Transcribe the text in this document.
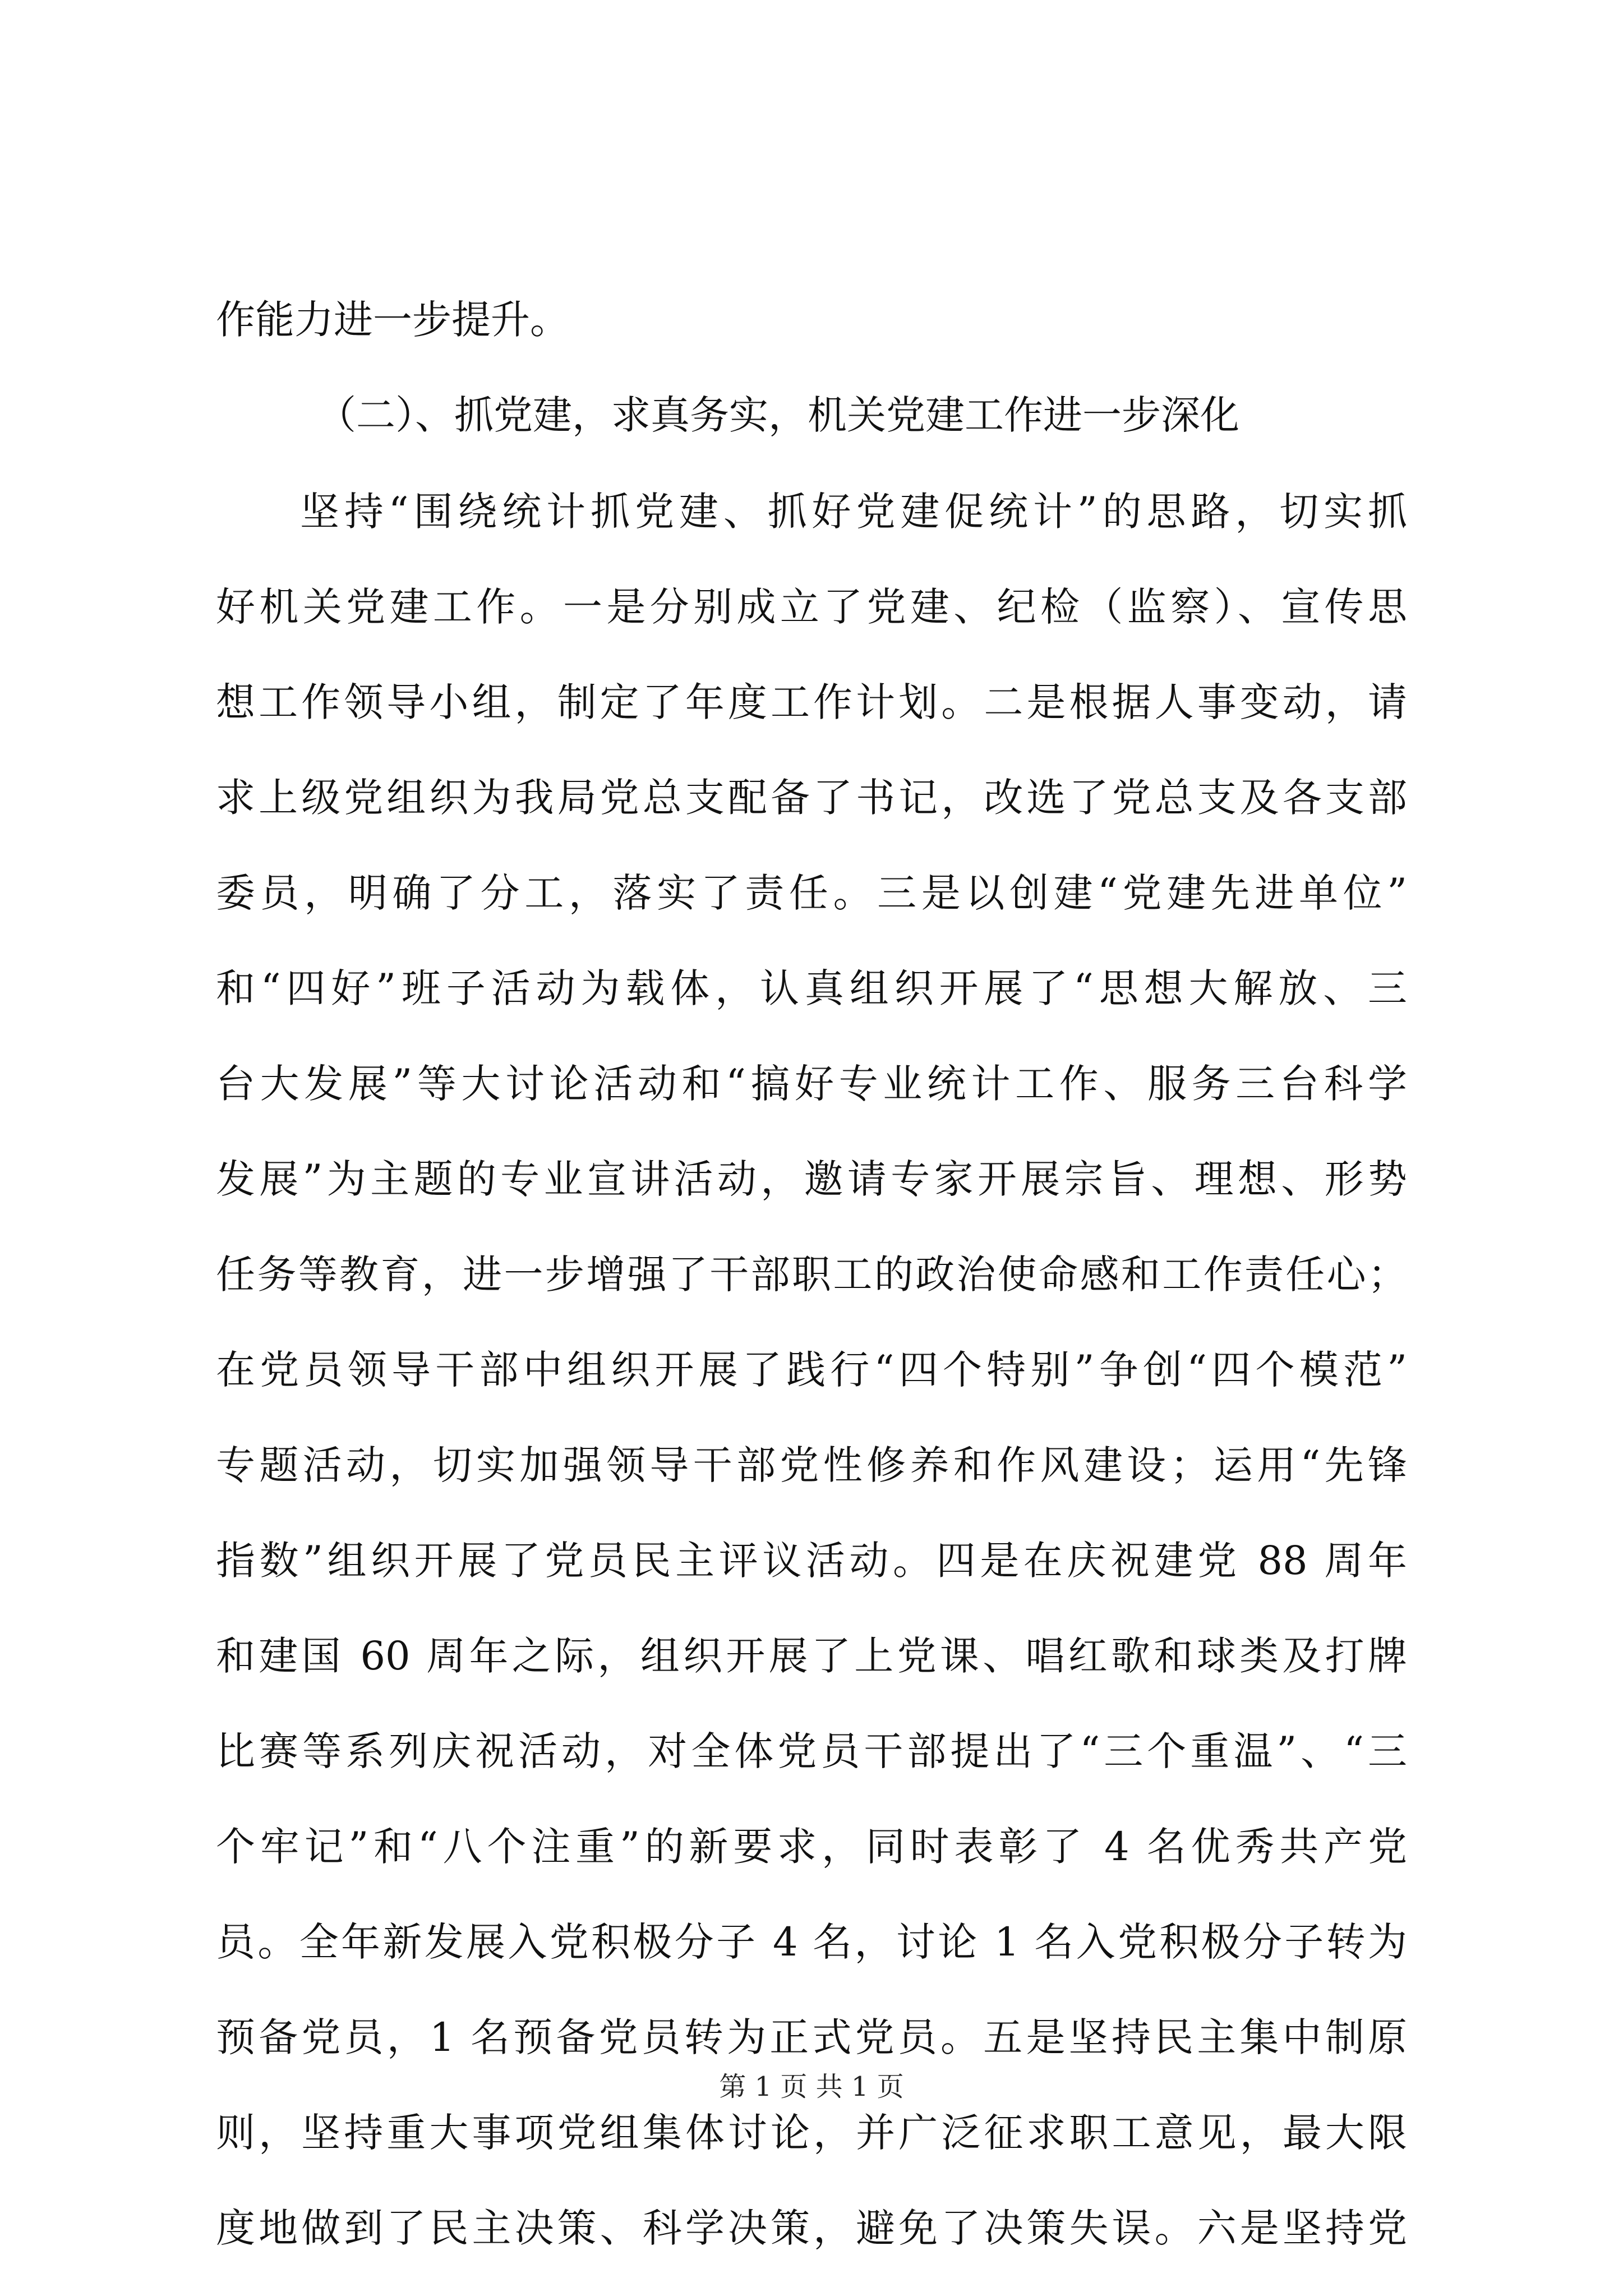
作能力进一步提升。
（二）、抓党建，求真务实，机关党建工作进一步深化
坚持“围绕统计抓党建、抓好党建促统计”的思路，切实抓
好机关党建工作。一是分别成立了党建、纪检（监察）、宣传思
想工作领导小组，制定了年度工作计划。二是根据人事变动，请
求上级党组织为我局党总支配备了书记，改选了党总支及各支部
委员，明确了分工，落实了责任。三是以创建“党建先进单位”
和“四好”班子活动为载体，认真组织开展了“思想大解放、三
台大发展”等大讨论活动和“搞好专业统计工作、服务三台科学
发展”为主题的专业宣讲活动，邀请专家开展宗旨、理想、形势
任务等教育，进一步增强了干部职工的政治使命感和工作责任心；
在党员领导干部中组织开展了践行“四个特别”争创“四个模范”
专题活动，切实加强领导干部党性修养和作风建设；运用“先锋
指数”组织开展了党员民主评议活动。四是在庆祝建党 88 周年
和建国 60 周年之际，组织开展了上党课、唱红歌和球类及打牌
比赛等系列庆祝活动，对全体党员干部提出了“三个重温”、“三
个牢记”和“八个注重”的新要求，同时表彰了 4 名优秀共产党
员。全年新发展入党积极分子 4 名，讨论 1 名入党积极分子转为
预备党员，1 名预备党员转为正式党员。五是坚持民主集中制原
则，坚持重大事项党组集体讨论，并广泛征求职工意见，最大限
度地做到了民主决策、科学决策，避免了决策失误。六是坚持党
第 1 页 共 1 页
